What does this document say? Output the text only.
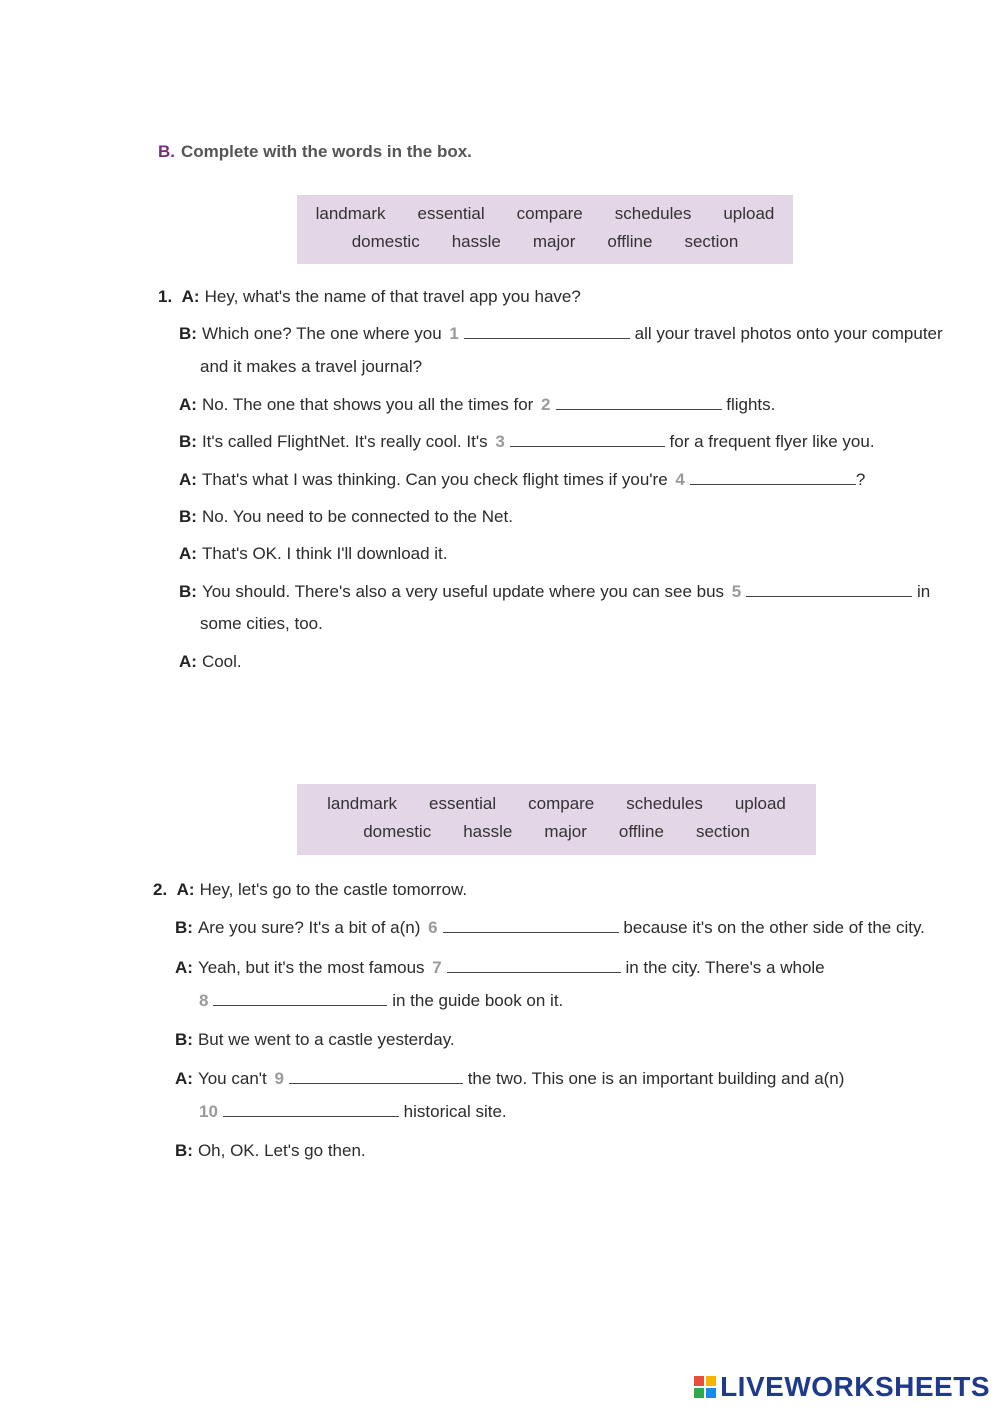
B. Complete with the words in the box.
landmark essential compare schedules upload
domestic hassle major offline section
1. A: Hey, what's the name of that travel app you have?
B: Which one? The one where you 1	all your travel photos onto your computer
and it makes a travel journal?
A: No. The one that shows you all the times for 2	flights.
B: It's called FlightNet. It's really cool. It's 3	for a frequent flyer like you.
A: That's what I was thinking. Can you check flight times if you're 4	?
B: No. You need to be connected to the Net.
A: That's OK. I think I'll download it.
B: You should. There's also a very useful update where you can see bus 5	in
some cities, too.
A: Cool.
landmark essential compare schedules upload
domestic hassle major offline section
2. A: Hey, let's go to the castle tomorrow.
B: Are you sure? It's a bit of a(n) 6	because it's on the other side of the city.
A: Yeah, but it's the most famous 7	in the city. There's a whole
8	in the guide book on it.
B: But we went to a castle yesterday.
A: You can't 9	the two. This one is an important building and a(n)
10	historical site.
B: Oh, OK. Let's go then.
LIVEWORKSHEETS
